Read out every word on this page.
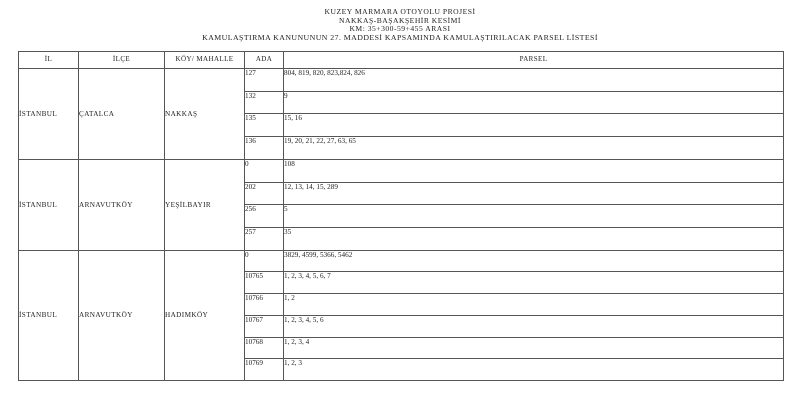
KUZEY MARMARA OTOYOLU PROJESİ
NAKKAŞ-BAŞAKŞEHİR KESİMİ
KM: 35+300-59+455 ARASI
KAMULAŞTIRMA KANUNUNUN 27. MADDESİ KAPSAMINDA KAMULAŞTIRILACAK PARSEL LİSTESİ
İL	İLÇE	KÖY/ MAHALLE	ADA	PARSEL
İSTANBUL	ÇATALCA	NAKKAŞ	127	804, 819, 820, 823,824, 826
			132	9
			135	15, 16
			136	19, 20, 21, 22, 27, 63, 65
İSTANBUL	ARNAVUTKÖY	YEŞİLBAYIR	0	108
			202	12, 13, 14, 15, 289
			256	5
			257	35
İSTANBUL	ARNAVUTKÖY	HADIMKÖY	0	3829, 4599, 5366, 5462
			10765	1, 2, 3, 4, 5, 6, 7
			10766	1, 2
			10767	1, 2, 3, 4, 5, 6
			10768	1, 2, 3, 4
			10769	1, 2, 3
